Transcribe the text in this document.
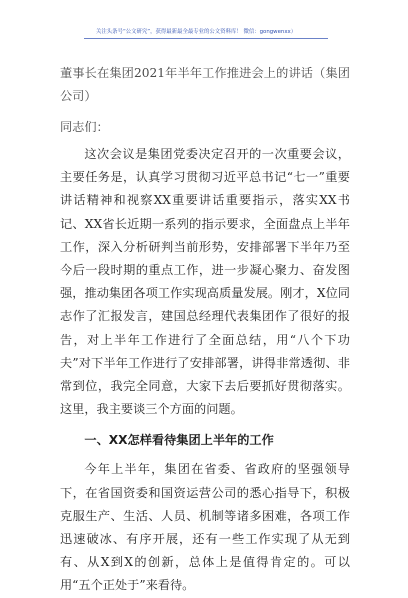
关注头条号“公文研究”，获得最新最全最专业的公文资料库！ 微信：gongwenxx）
董事长在集团2021年半年工作推进会上的讲话（集团公司）

同志们：

这次会议是集团党委决定召开的一次重要会议，主要任务是，认真学习贯彻习近平总书记“七一”重要讲话精神和视察XX重要讲话重要指示，落实XX书记、XX省长近期一系列的指示要求，全面盘点上半年工作，深入分析研判当前形势，安排部署下半年乃至今后一段时期的重点工作，进一步凝心聚力、奋发图强，推动集团各项工作实现高质量发展。刚才，X位同志作了汇报发言，建国总经理代表集团作了很好的报告，对上半年工作进行了全面总结，用“八个下功夫”对下半年工作进行了安排部署，讲得非常透彻、非常到位，我完全同意，大家下去后要抓好贯彻落实。这里，我主要谈三个方面的问题。

一、XX怎样看待集团上半年的工作

今年上半年，集团在省委、省政府的坚强领导下，在省国资委和国资运营公司的悉心指导下，积极克服生产、生活、人员、机制等诸多困难，各项工作迅速破冰、有序开展，还有一些工作实现了从无到有、从X到X的创新，总体上是值得肯定的。可以用“五个正处于”来看待。
